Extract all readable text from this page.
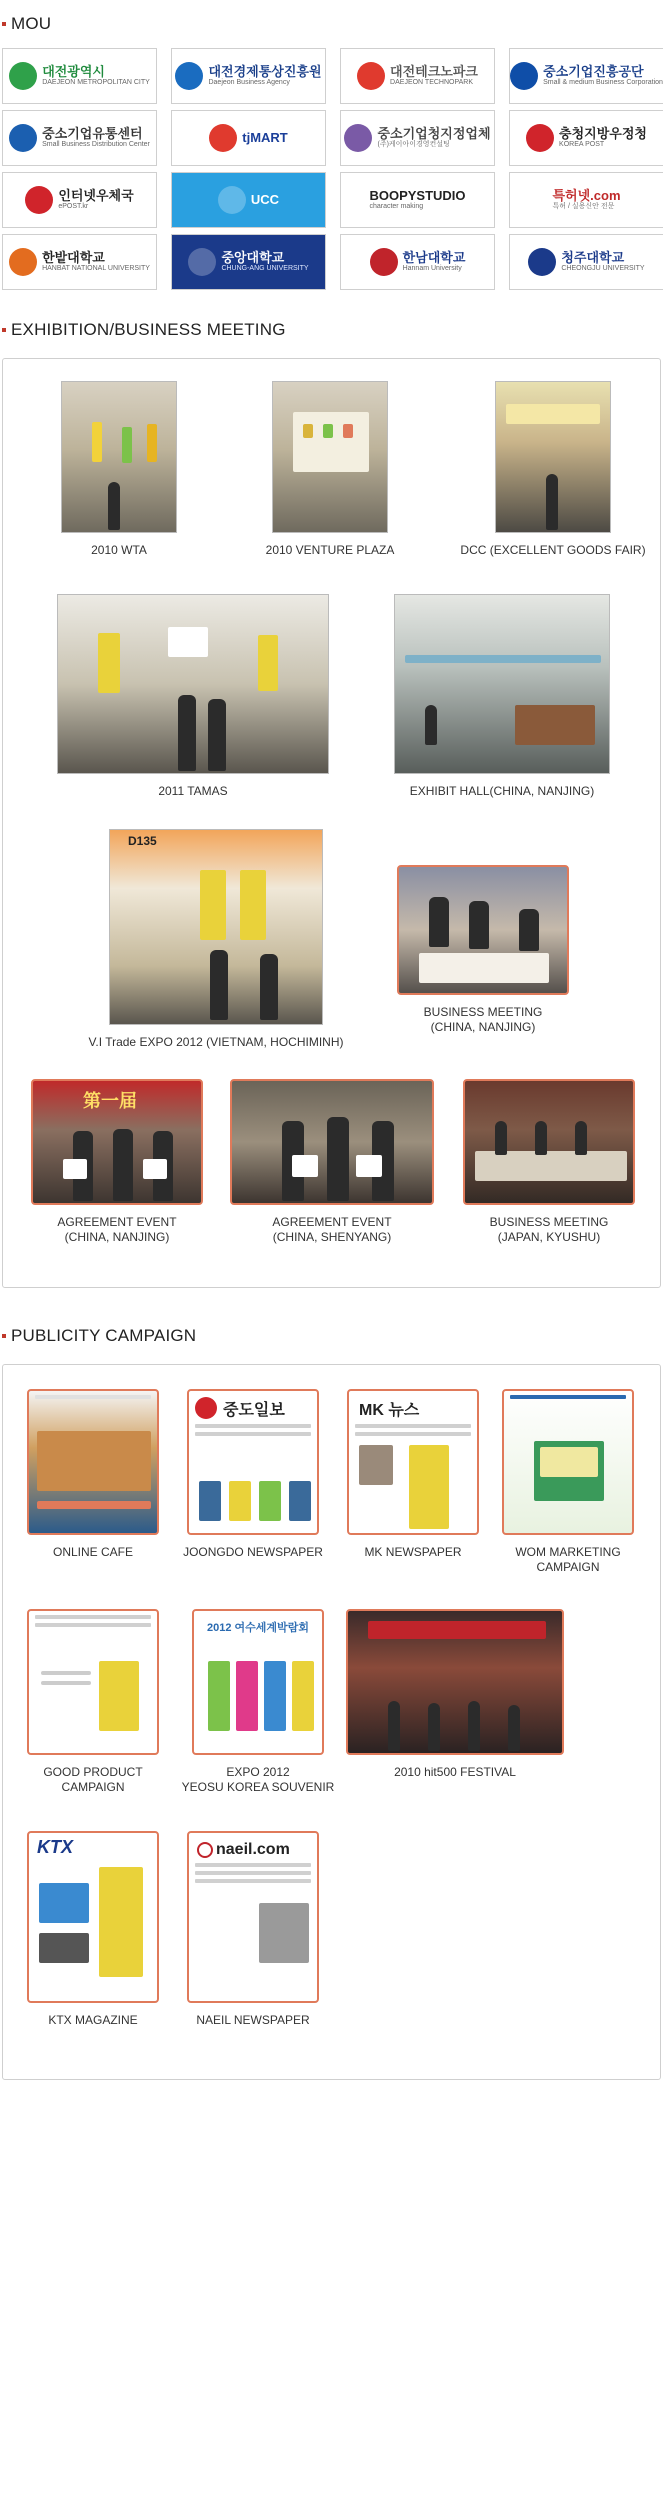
MOU
대전광역시
DAEJEON METROPOLITAN CITY
대전경제통상진흥원
Daejeon Business Agency
대전테크노파크
DAEJEON TECHNOPARK
중소기업진흥공단
Small & medium Business Corporation
중소기업유통센터
Small Business Distribution Center
tjMART	중소기업청지정업체
(주)케이아이경영컨설팅
충청지방우정청
KOREA POST
인터넷우체국
ePOST.kr
UCC	BOOPYSTUDIO
character making
특허넷.com
특허 / 실용신안 전문
한밭대학교
HANBAT NATIONAL UNIVERSITY
중앙대학교
CHUNG-ANG UNIVERSITY
한남대학교
Hannam University
청주대학교
CHEONGJU UNIVERSITY
EXHIBITION/BUSINESS MEETING
2010 WTA	2010 VENTURE PLAZA	DCC (EXCELLENT GOODS FAIR)
2011 TAMAS	EXHIBIT HALL(CHINA, NANJING)
D135
V.I Trade EXPO 2012 (VIETNAM, HOCHIMINH)
BUSINESS MEETING
(CHINA, NANJING)
第一届
AGREEMENT EVENT
(CHINA, NANJING)
AGREEMENT EVENT
(CHINA, SHENYANG)
BUSINESS MEETING
(JAPAN, KYUSHU)
PUBLICITY CAMPAIGN
ONLINE CAFE
중도일보
JOONGDO NEWSPAPER
MK 뉴스
MK NEWSPAPER	WOM MARKETING
CAMPAIGN
GOOD PRODUCT
CAMPAIGN
2012 여수세계박람회
EXPO 2012
YEOSU KOREA SOUVENIR
2010 hit500 FESTIVAL
KTX
KTX MAGAZINE
naeil.com
NAEIL NEWSPAPER
